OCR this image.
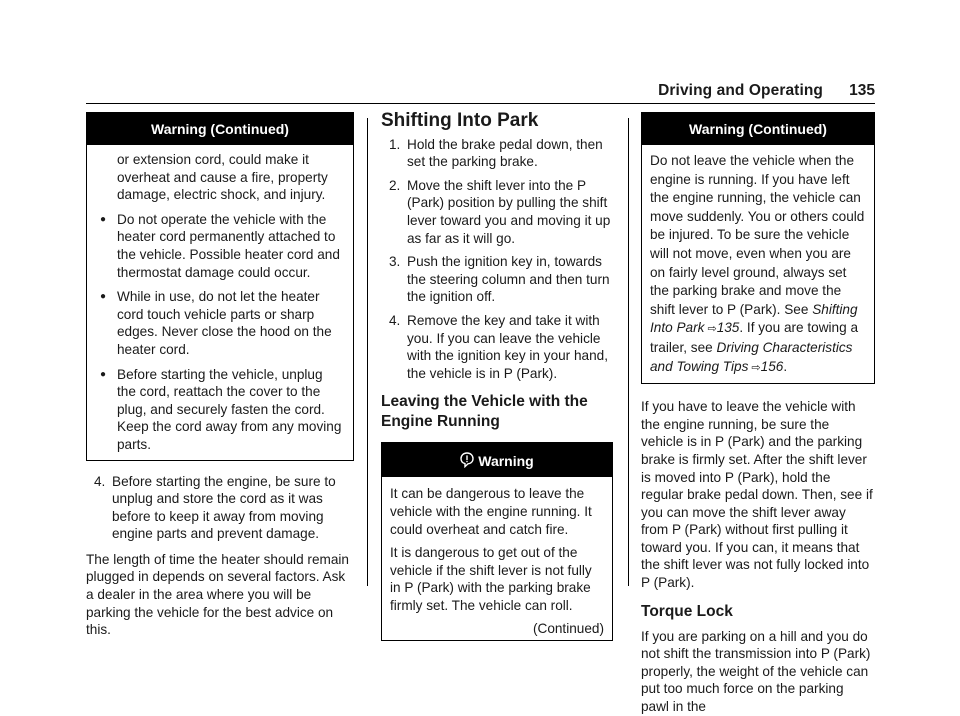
Driving and Operating 135
Warning (Continued)

or extension cord, could make it overheat and cause a fire, property damage, electric shock, and injury.

● Do not operate the vehicle with the heater cord permanently attached to the vehicle. Possible heater cord and thermostat damage could occur.
● While in use, do not let the heater cord touch vehicle parts or sharp edges. Never close the hood on the heater cord.
● Before starting the vehicle, unplug the cord, reattach the cover to the plug, and securely fasten the cord. Keep the cord away from any moving parts.
4. Before starting the engine, be sure to unplug and store the cord as it was before to keep it away from moving engine parts and prevent damage.

The length of time the heater should remain plugged in depends on several factors. Ask a dealer in the area where you will be parking the vehicle for the best advice on this.

Shifting Into Park
1. Hold the brake pedal down, then set the parking brake.
2. Move the shift lever into the P (Park) position by pulling the shift lever toward you and moving it up as far as it will go.
3. Push the ignition key in, towards the steering column and then turn the ignition off.
4. Remove the key and take it with you. If you can leave the vehicle with the ignition key in your hand, the vehicle is in P (Park).
Leaving the Vehicle with the Engine Running
Warning

It can be dangerous to leave the vehicle with the engine running. It could overheat and catch fire.

It is dangerous to get out of the vehicle if the shift lever is not fully in P (Park) with the parking brake firmly set. The vehicle can roll.

(Continued)

Warning (Continued)

Do not leave the vehicle when the engine is running. If you have left the engine running, the vehicle can move suddenly. You or others could be injured. To be sure the vehicle will not move, even when you are on fairly level ground, always set the parking brake and move the shift lever to P (Park). See Shifting Into Park ⇨135. If you are towing a trailer, see Driving Characteristics and Towing Tips ⇨156.

If you have to leave the vehicle with the engine running, be sure the vehicle is in P (Park) and the parking brake is firmly set. After the shift lever is moved into P (Park), hold the regular brake pedal down. Then, see if you can move the shift lever away from P (Park) without first pulling it toward you. If you can, it means that the shift lever was not fully locked into P (Park).

Torque Lock

If you are parking on a hill and you do not shift the transmission into P (Park) properly, the weight of the vehicle can put too much force on the parking pawl in the
